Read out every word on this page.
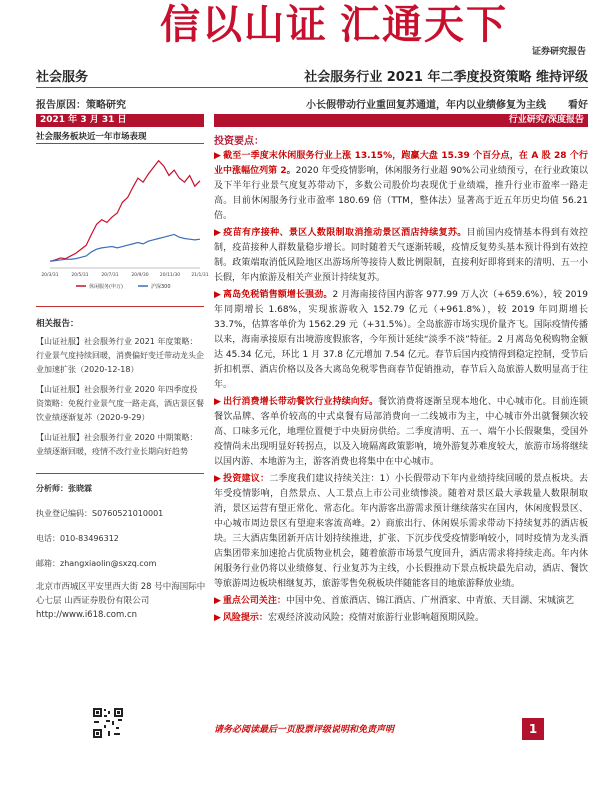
信以山证 汇通天下
证券研究报告
社会服务	社会服务行业 2021 年二季度投资策略 维持评级
报告原因：策略研究	小长假带动行业重回复苏通道，年内以业绩修复为主线 看好
2021 年 3 月 31 日	行业研究/深度报告
社会服务板块近一年市场表现
20/3/31	20/5/31	20/7/31	20/9/30 20/11/30 21/1/31
休闲服务(申万)	沪深300
相关报告：
【山证社服】社会服务行业 2021 年度策略：行业景气度持续回暖，消费偏好变迁带动龙头企业加速扩张（2020-12-18）
【山证社服】社会服务行业 2020 年四季度投资策略：免税行业景气度一路走高，酒店景区餐饮业绩逐渐复苏（2020-9-29）
【山证社服】社会服务行业 2020 中期策略：业绩逐渐回暖，疫情不改行业长期向好趋势
分析师：张晓霖
执业登记编码：S0760521010001
电话：010-83496312
邮箱：zhangxiaolin@sxzq.com
北京市西城区平安里西大街 28 号中海国际中心七层 山西证券股份有限公司 http://www.i618.com.cn
投资要点：
▶ 截至一季度末休闲服务行业上涨 13.15%，跑赢大盘 15.39 个百分点，在 A 股 28 个行业中涨幅位列第 2。2020 年受疫情影响，休闲服务行业超 90%公司业绩预亏，在行业政策以及下半年行业景气度复苏带动下，多数公司股价均表现优于业绩端，推升行业市盈率一路走高。目前休闲服务行业市盈率 180.69 倍（TTM，整体法）显著高于近五年历史均值 56.21 倍。
▶ 疫苗有序接种、景区人数限制取消推动景区酒店持续复苏。目前国内疫情基本得到有效控制，疫苗接种人群数量稳步增长。同时随着天气逐渐转暖，疫情反复势头基本预计得到有效控制。政策端取消低风险地区出游场所等接待人数比例限制，直接利好即将到来的清明、五一小长假，年内旅游及相关产业预计持续复苏。
▶ 离岛免税销售额增长强劲。2 月海南接待国内游客 977.99 万人次（+659.6%），较 2019 年同期增长 1.68%，实现旅游收入 152.79 亿元（+961.8%），较 2019 年同期增长 33.7%，估算客单价为 1562.29 元（+31.5%）。全岛旅游市场实现价量齐飞。国际疫情传播以来，海南承接原有出境游度假旅客，今年预计延续“淡季不淡”特征。2 月离岛免税购物金额达 45.34 亿元，环比 1 月 37.8 亿元增加 7.54 亿元。春节后国内疫情得到稳定控制，受节后折扣机票、酒店价格以及各大离岛免税零售商春节促销推动，春节后入岛旅游人数明显高于往年。
▶ 出行消费增长带动餐饮行业持续向好。餐饮消费将逐渐呈现本地化、中心城市化。目前连锁餐饮品牌、客单价较高的中式桌餐有局部消费向一二线城市为主，中心城市外出就餐频次较高、口味多元化，地理位置便于中央厨房供给。二季度清明、五一、端午小长假聚集，受国外疫情尚未出现明显好转拐点，以及入境隔离政策影响，境外游复苏难度较大，旅游市场将继续以国内游、本地游为主，游客消费也将集中在中心城市。
▶ 投资建议：二季度我们建议持续关注：1）小长假带动下年内业绩持续回暖的景点板块。去年受疫情影响，自然景点、人工景点上市公司业绩惨淡。随着对景区最大承载量人数限制取消，景区运营有望正常化、常态化。年内游客出游需求预计继续落实在国内，休闲度假景区、中心城市周边景区有望迎来客流高峰。2）商旅出行、休闲娱乐需求带动下持续复苏的酒店板块。三大酒店集团新开店计划持续推进，扩张、下沉步伐受疫情影响较小，同时疫情为龙头酒店集团带来加速抢占优质物业机会，随着旅游市场景气度回升，酒店需求将持续走高。年内休闲服务行业仍将以业绩修复、行业复苏为主线，小长假推动下景点板块最先启动，酒店、餐饮等旅游周边板块相继复苏，旅游零售免税板块伴随能客目的地旅游释放业绩。
▶ 重点公司关注：中国中免、首旅酒店、锦江酒店、广州酒家、中青旅、天目湖、宋城演艺
▶ 风险提示：宏观经济波动风险；疫情对旅游行业影响超预期风险。
请务必阅读最后一页股票评级说明和免责声明	1
